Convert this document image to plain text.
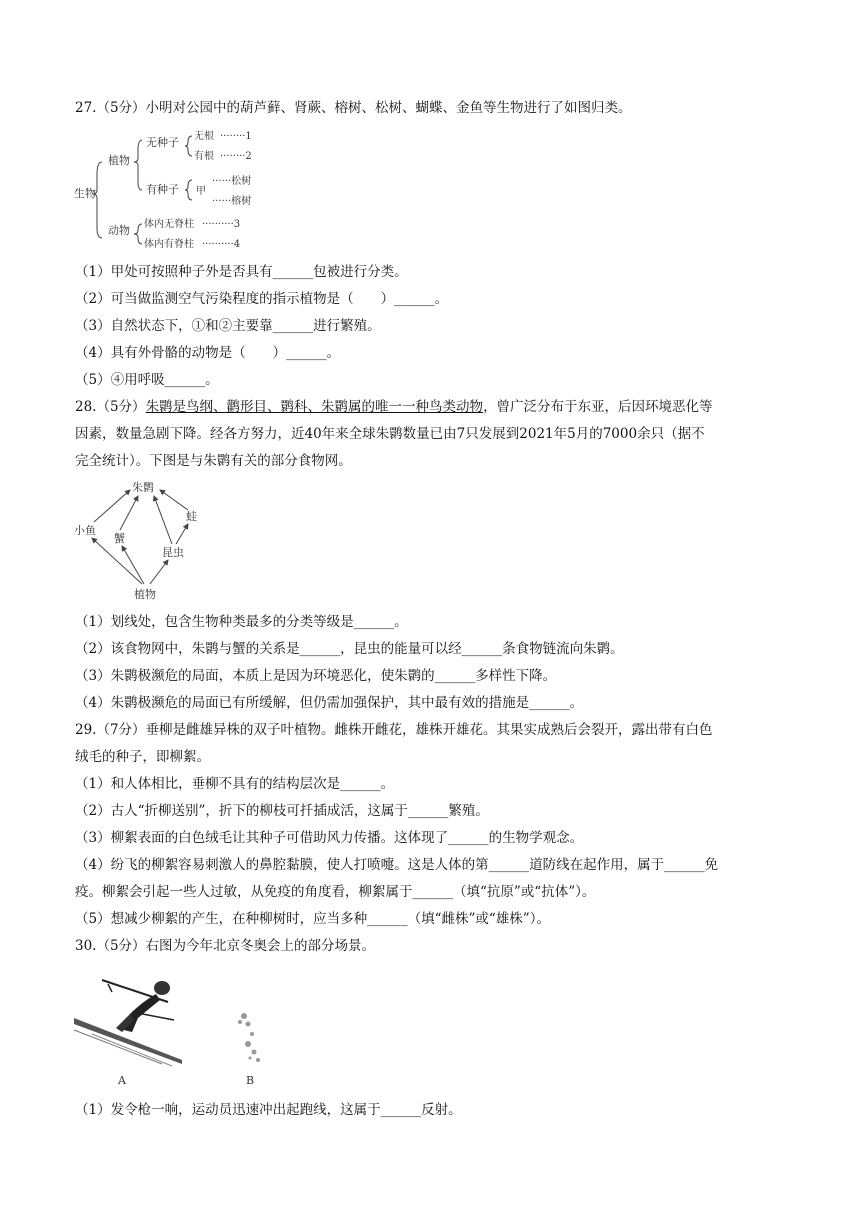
27.（5分）小明对公园中的葫芦藓、肾蕨、榕树、松树、蝴蝶、金鱼等生物进行了如图归类。
生物
植物
动物
无种子
有种子
无根 ········1
有根 ········2
甲
······松树
······榕树
体内无脊柱 ··········3
体内有脊柱 ··········4
（1）甲处可按照种子外是否具有______包被进行分类。
（2）可当做监测空气污染程度的指示植物是（　　）______。
（3）自然状态下，①和②主要靠______进行繁殖。
（4）具有外骨骼的动物是（　　）______。
（5）④用呼吸______。
28.（5分）朱鹮是鸟纲、鹳形目、鹮科、朱鹮属的唯一一种鸟类动物，曾广泛分布于东亚，后因环境恶化等
因素，数量急剧下降。经各方努力，近40年来全球朱鹮数量已由7只发展到2021年5月的7000余只（据不
完全统计）。下图是与朱鹮有关的部分食物网。
朱鹮
小鱼
蟹
蛙
昆虫
植物
（1）划线处，包含生物种类最多的分类等级是______。
（2）该食物网中，朱鹮与蟹的关系是______，昆虫的能量可以经______条食物链流向朱鹮。
（3）朱鹮极濒危的局面，本质上是因为环境恶化，使朱鹮的______多样性下降。
（4）朱鹮极濒危的局面已有所缓解，但仍需加强保护，其中最有效的措施是______。
29.（7分）垂柳是雌雄异株的双子叶植物。雌株开雌花，雄株开雄花。其果实成熟后会裂开，露出带有白色
绒毛的种子，即柳絮。
（1）和人体相比，垂柳不具有的结构层次是______。
（2）古人“折柳送别”，折下的柳枝可扦插成活，这属于______繁殖。
（3）柳絮表面的白色绒毛让其种子可借助风力传播。这体现了______的生物学观念。
（4）纷飞的柳絮容易刺激人的鼻腔黏膜，使人打喷嚏。这是人体的第______道防线在起作用，属于______免
疫。柳絮会引起一些人过敏，从免疫的角度看，柳絮属于______（填“抗原”或“抗体”）。
（5）想减少柳絮的产生，在种柳树时，应当多种______（填“雌株”或“雄株”）。
30.（5分）右图为今年北京冬奥会上的部分场景。
A	B
（1）发令枪一响，运动员迅速冲出起跑线，这属于______反射。
